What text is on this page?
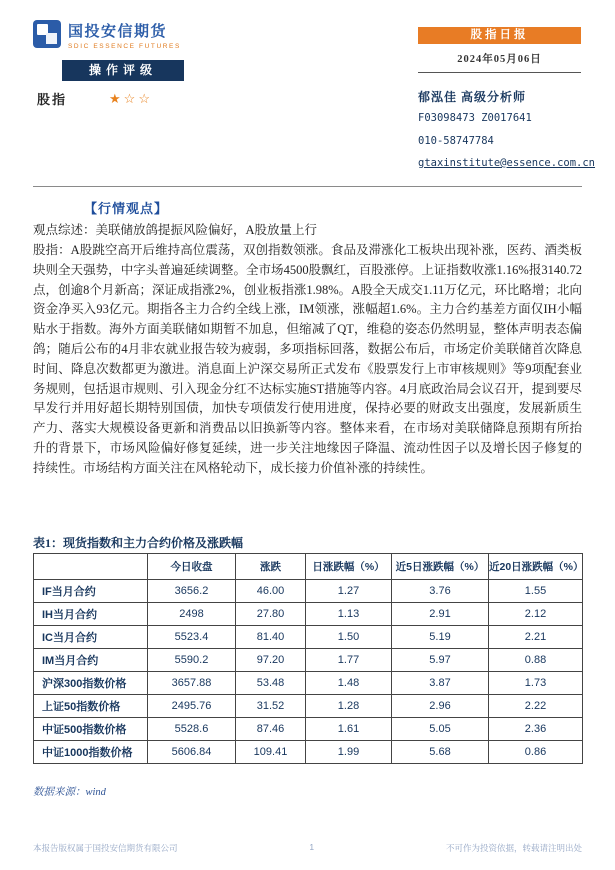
国投安信期货
SDIC ESSENCE FUTURES
股指日报
2024年05月06日
操作评级
股指	★☆☆	郁泓佳 高级分析师
F03098473 Z0017641
010-58747784
gtaxinstitute@essence.com.cn
【行情观点】

观点综述：美联储放鸽提振风险偏好，A股放量上行

股指：A股跳空高开后维持高位震荡，双创指数领涨。食品及滞涨化工板块出现补涨，医药、酒类板块则全天强势，中字头普遍延续调整。全市场4500股飘红，百股涨停。上证指数收涨1.16%报3140.72点，创逾8个月新高；深证成指涨2%，创业板指涨1.98%。A股全天成交1.11万亿元，环比略增；北向资金净买入93亿元。期指各主力合约全线上涨，IM领涨，涨幅超1.6%。主力合约基差方面仅IH小幅贴水于指数。海外方面美联储如期暂不加息，但缩减了QT，维稳的姿态仍然明显，整体声明表态偏鸽；随后公布的4月非农就业报告较为疲弱，多项指标回落，数据公布后，市场定价美联储首次降息时间、降息次数都更为激进。消息面上沪深交易所正式发布《股票发行上市审核规则》等9项配套业务规则，包括退市规则、引入现金分红不达标实施ST措施等内容。4月底政治局会议召开，提到要尽早发行并用好超长期特别国债，加快专项债发行使用进度，保持必要的财政支出强度，发展新质生产力、落实大规模设备更新和消费品以旧换新等内容。整体来看，在市场对美联储降息预期有所抬升的背景下，市场风险偏好修复延续，进一步关注地缘因子降温、流动性因子以及增长因子修复的持续性。市场结构方面关注在风格轮动下，成长接力价值补涨的持续性。

表1：现货指数和主力合约价格及涨跌幅
	今日收盘	涨跌	日涨跌幅（%）	近5日涨跌幅（%）	近20日涨跌幅（%）
IF当月合约	3656.2	46.00	1.27	3.76	1.55
IH当月合约	2498	27.80	1.13	2.91	2.12
IC当月合约	5523.4	81.40	1.50	5.19	2.21
IM当月合约	5590.2	97.20	1.77	5.97	0.88
沪深300指数价格	3657.88	53.48	1.48	3.87	1.73
上证50指数价格	2495.76	31.52	1.28	2.96	2.22
中证500指数价格	5528.6	87.46	1.61	5.05	2.36
中证1000指数价格	5606.84	109.41	1.99	5.68	0.86
数据来源：wind
本报告版权属于国投安信期货有限公司	1	不可作为投资依据，转载请注明出处
